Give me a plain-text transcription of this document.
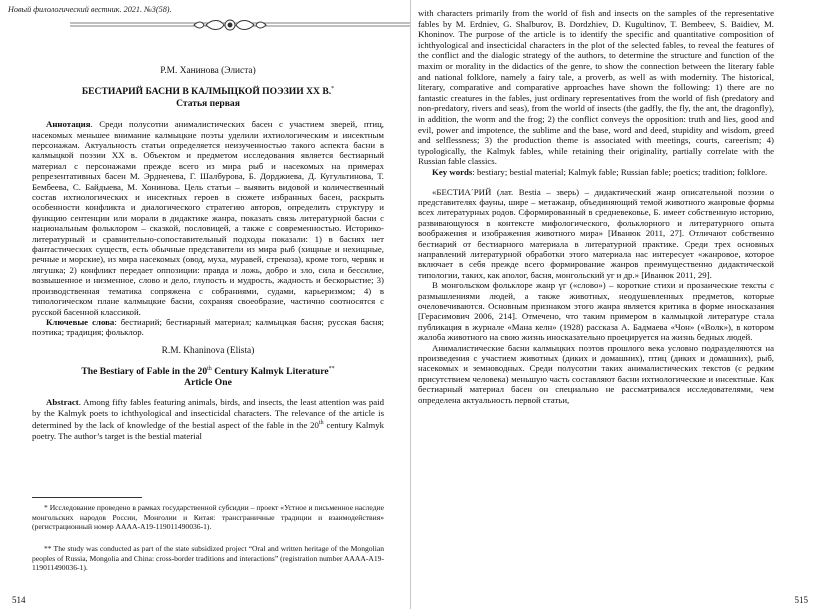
Новый филологический вестник. 2021. №3(58).
Р.М. Ханинова (Элиста)
БЕСТИАРИЙ БАСНИ В КАЛМЫЦКОЙ ПОЭЗИИ XX В.*
Статья первая

Аннотация. Среди полусотни анималистических басен с участием зверей, птиц, насекомых меньшее внимание калмыцкие поэты уделили ихтиологическим и инсектным персонажам. Актуальность статьи определяется неизученностью такого аспекта басни в калмыцкой поэзии XX в. Объектом и предметом исследования является бестиарный материал с персонажами прежде всего из мира рыб и насекомых на примерах репрезентативных басен М. Эрдненева, Г. Шалбурова, Б. Дорджиева, Д. Кугультинова, Т. Бембеева, С. Байдыева, М. Хонинова. Цель статьи – выявить видовой и количественный состав ихтиологических и инсектных героев в сюжете избранных басен, раскрыть особенности конфликта и диалогического стратегию авторов, определить структуру и функцию сентенции или морали в дидактике жанра, показать связь литературной басни с национальным фольклором – сказкой, пословицей, а также с современностью. Историко-литературный и сравнительно-сопоставительный подходы показали: 1) в баснях нет фантастических существ, есть обычные представители из мира рыб (хищные и нехищные, речные и морские), из мира насекомых (овод, муха, муравей, стрекоза), кроме того, червяк и лягушка; 2) конфликт передает оппозиции: правда и ложь, добро и зло, сила и бессилие, возвышенное и низменное, слово и дело, глупость и мудрость, жадность и бескорыстие; 3) производственная тематика сопряжена с собраниями, судами, карьеризмом; 4) в типологическом плане калмыцкие басни, сохраняя своеобразие, частично соотносятся с русской басенной классикой.

Ключевые слова: бестиарий; бестиарный материал; калмыцкая басня; русская басня; поэтика; традиция; фольклор.

R.M. Khaninova (Elista)
The Bestiary of Fable in the 20th Century Kalmyk Literature**
Article One

Abstract. Among fifty fables featuring animals, birds, and insects, the least attention was paid by the Kalmyk poets to ichthyological and insecticidal characters. The relevance of the article is determined by the lack of knowledge of the bestial aspect of the fable in the 20th century Kalmyk poetry. The author’s target is the bestial material

* Исследование проведено в рамках государственной субсидии – проект «Устное и письменное наследие монгольских народов России, Монголии и Китая: трансграничные традиции и взаимодействия» (регистрационный номер АААА-А19-119011490036-1).
** The study was conducted as part of the state subsidized project “Oral and written heritage of the Mongolian peoples of Russia, Mongolia and China: cross-border traditions and interactions” (registration number AAAA-A19-119011490036-1).
514

with characters primarily from the world of fish and insects on the samples of the representative fables by M. Erdniev, G. Shalburov, B. Dordzhiev, D. Kugultinov, T. Bembeev, S. Baidiev, M. Khoninov. The purpose of the article is to identify the specific and quantitative composition of ichthyological and insecticidal characters in the plot of the selected fables, to reveal the features of the conflict and the dialogic strategy of the authors, to determine the structure and function of the maxim or morality in the didactics of the genre, to show the connection between the literary fable and national folklore, namely a fairy tale, a proverb, as well as with modernity. The historical, literary, comparative and comparative approaches have shown the following: 1) there are no fantastic creatures in the fables, just ordinary representatives from the world of fish (predatory and non-predatory, rivers and seas), from the world of insects (the gadfly, the fly, the ant, the dragonfly), in addition, the worm and the frog; 2) the conflict conveys the opposition: truth and lies, good and evil, power and impotence, the sublime and the base, word and deed, stupidity and wisdom, greed and selflessness; 3) the production theme is associated with meetings, courts, careerism; 4) typologically, the Kalmyk fables, while retaining their originality, partially correlate with the Russian fable classics.

Key words: bestiary; bestial material; Kalmyk fable; Russian fable; poetics; tradition; folklore.

«БЕСТИА´РИЙ (лат. Bestia – зверь) – дидактический жанр описательной поэзии о представителях фауны, шире – метажанр, объединяющий темой животного жанровые формы всех литературных родов. Сформированный в средневековье, Б. имеет собственную историю, развивающуюся в контексте мифологического, фольклорного и литературного опыта воображения и изображения животного мира» [Иванюк 2011, 27]. Отличают собственно бестиарий от бестиарного материала в литературной практике. Среди трех основных направлений литературной обработки этого материала нас интересует «жанровое, которое включает в себя прежде всего формирование жанров преимущественно дидактической типологии, таких, как аполог, басня, монгольский уг и др.» [Иванюк 2011, 29].

В монгольском фольклоре жанр үг («слово») – короткие стихи и прозаические тексты с размышлениями людей, а также животных, неодушевленных предметов, которые очеловечиваются. Основным признаком этого жанра является критика в форме иносказания [Герасимович 2006, 214]. Отмечено, что таким примером в калмыцкой литературе стала публикация в журнале «Мана келн» (1928) рассказа А. Бадмаева «Чон» («Волк»), в котором жалоба животного на свою жизнь иносказательно проецируется на жизнь бедных людей.

Анималистические басни калмыцких поэтов прошлого века условно подразделяются на произведения с участием животных (диких и домашних), птиц (диких и домашних), рыб, насекомых и земноводных. Среди полусотни таких анималистических текстов (с редким присутствием человека) меньшую часть составляют басни ихтиологические и инсектные. Как бестиарный материал басен он специально не рассматривался исследователями, чем определена актуальность первой статьи,

515
